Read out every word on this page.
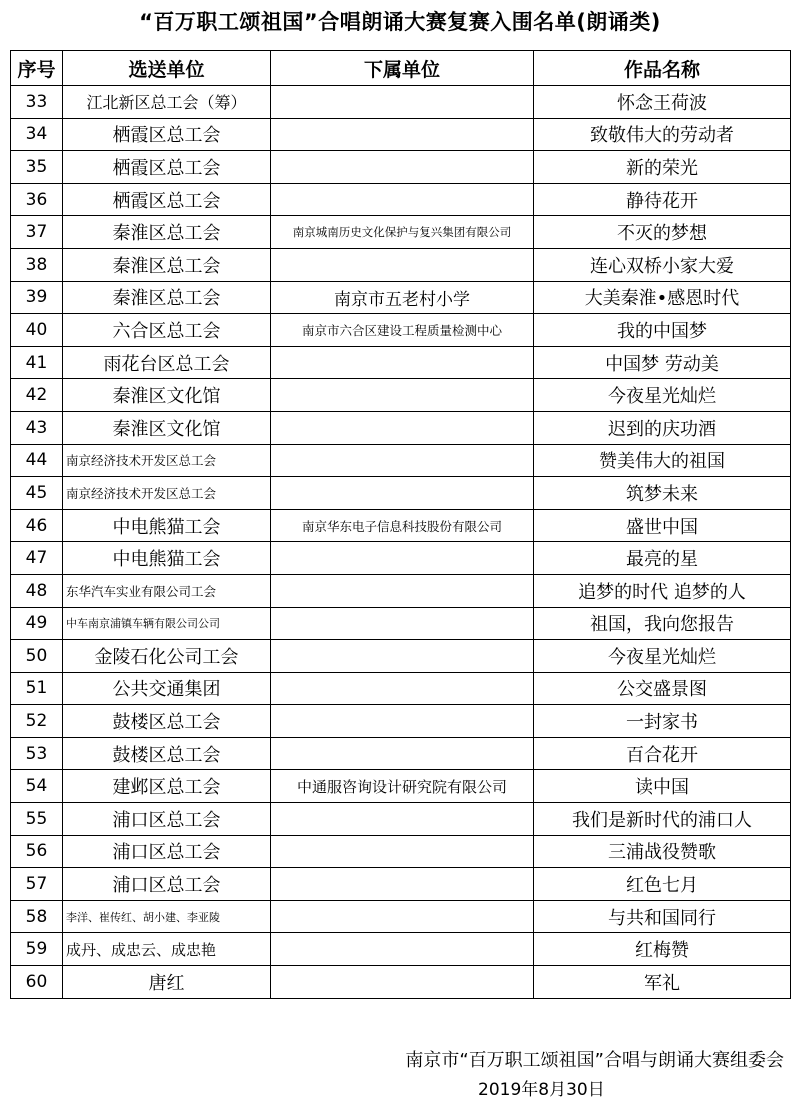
“百万职工颂祖国”合唱朗诵大赛复赛入围名单(朗诵类)
序号	选送单位	下属单位	作品名称
33	江北新区总工会（筹）		怀念王荷波
34	栖霞区总工会		致敬伟大的劳动者
35	栖霞区总工会		新的荣光
36	栖霞区总工会		静待花开
37	秦淮区总工会	南京城南历史文化保护与复兴集团有限公司	不灭的梦想
38	秦淮区总工会		连心双桥小家大爱
39	秦淮区总工会	南京市五老村小学	大美秦淮•感恩时代
40	六合区总工会	南京市六合区建设工程质量检测中心	我的中国梦
41	雨花台区总工会		中国梦 劳动美
42	秦淮区文化馆		今夜星光灿烂
43	秦淮区文化馆		迟到的庆功酒
44	南京经济技术开发区总工会		赞美伟大的祖国
45	南京经济技术开发区总工会		筑梦未来
46	中电熊猫工会	南京华东电子信息科技股份有限公司	盛世中国
47	中电熊猫工会		最亮的星
48	东华汽车实业有限公司工会		追梦的时代 追梦的人
49	中车南京浦镇车辆有限公司公司		祖国，我向您报告
50	金陵石化公司工会		今夜星光灿烂
51	公共交通集团		公交盛景图
52	鼓楼区总工会		一封家书
53	鼓楼区总工会		百合花开
54	建邺区总工会	中通服咨询设计研究院有限公司	读中国
55	浦口区总工会		我们是新时代的浦口人
56	浦口区总工会		三浦战役赞歌
57	浦口区总工会		红色七月
58	李洋、崔传红、胡小建、李亚陵		与共和国同行
59	成丹、成忠云、成忠艳		红梅赞
60	唐红		军礼
南京市“百万职工颂祖国”合唱与朗诵大赛组委会
2019年8月30日
